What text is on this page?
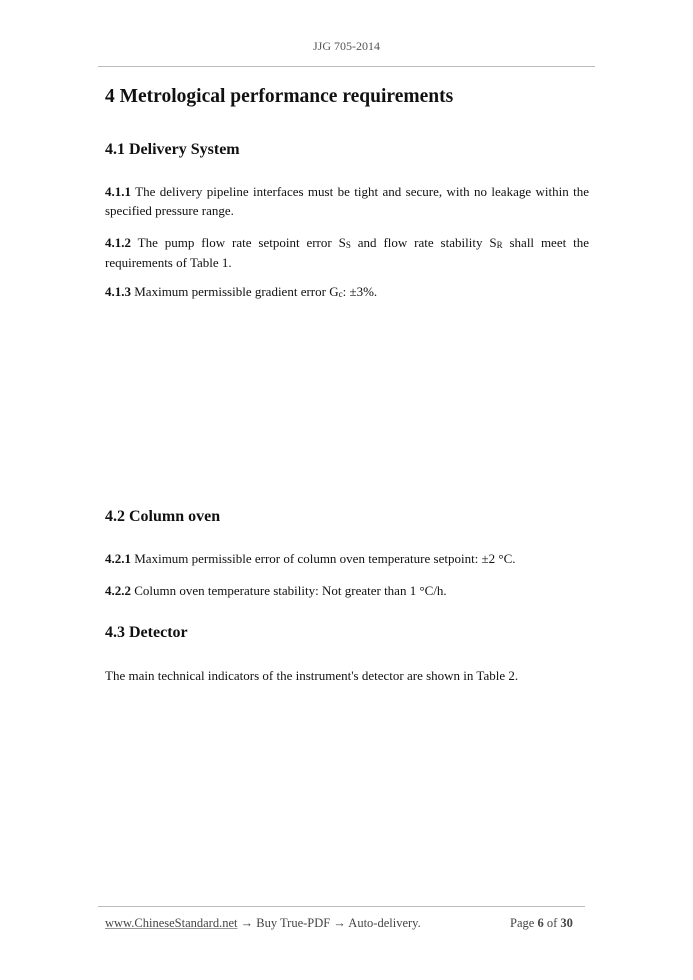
JJG 705-2014
4 Metrological performance requirements
4.1 Delivery System
4.1.1 The delivery pipeline interfaces must be tight and secure, with no leakage within the specified pressure range.
4.1.2 The pump flow rate setpoint error SS and flow rate stability SR shall meet the requirements of Table 1.
4.1.3 Maximum permissible gradient error Gc: ±3%.
4.2 Column oven
4.2.1 Maximum permissible error of column oven temperature setpoint: ±2 °C.
4.2.2 Column oven temperature stability: Not greater than 1 °C/h.
4.3 Detector
The main technical indicators of the instrument's detector are shown in Table 2.
www.ChineseStandard.net → Buy True-PDF → Auto-delivery.	Page 6 of 30
